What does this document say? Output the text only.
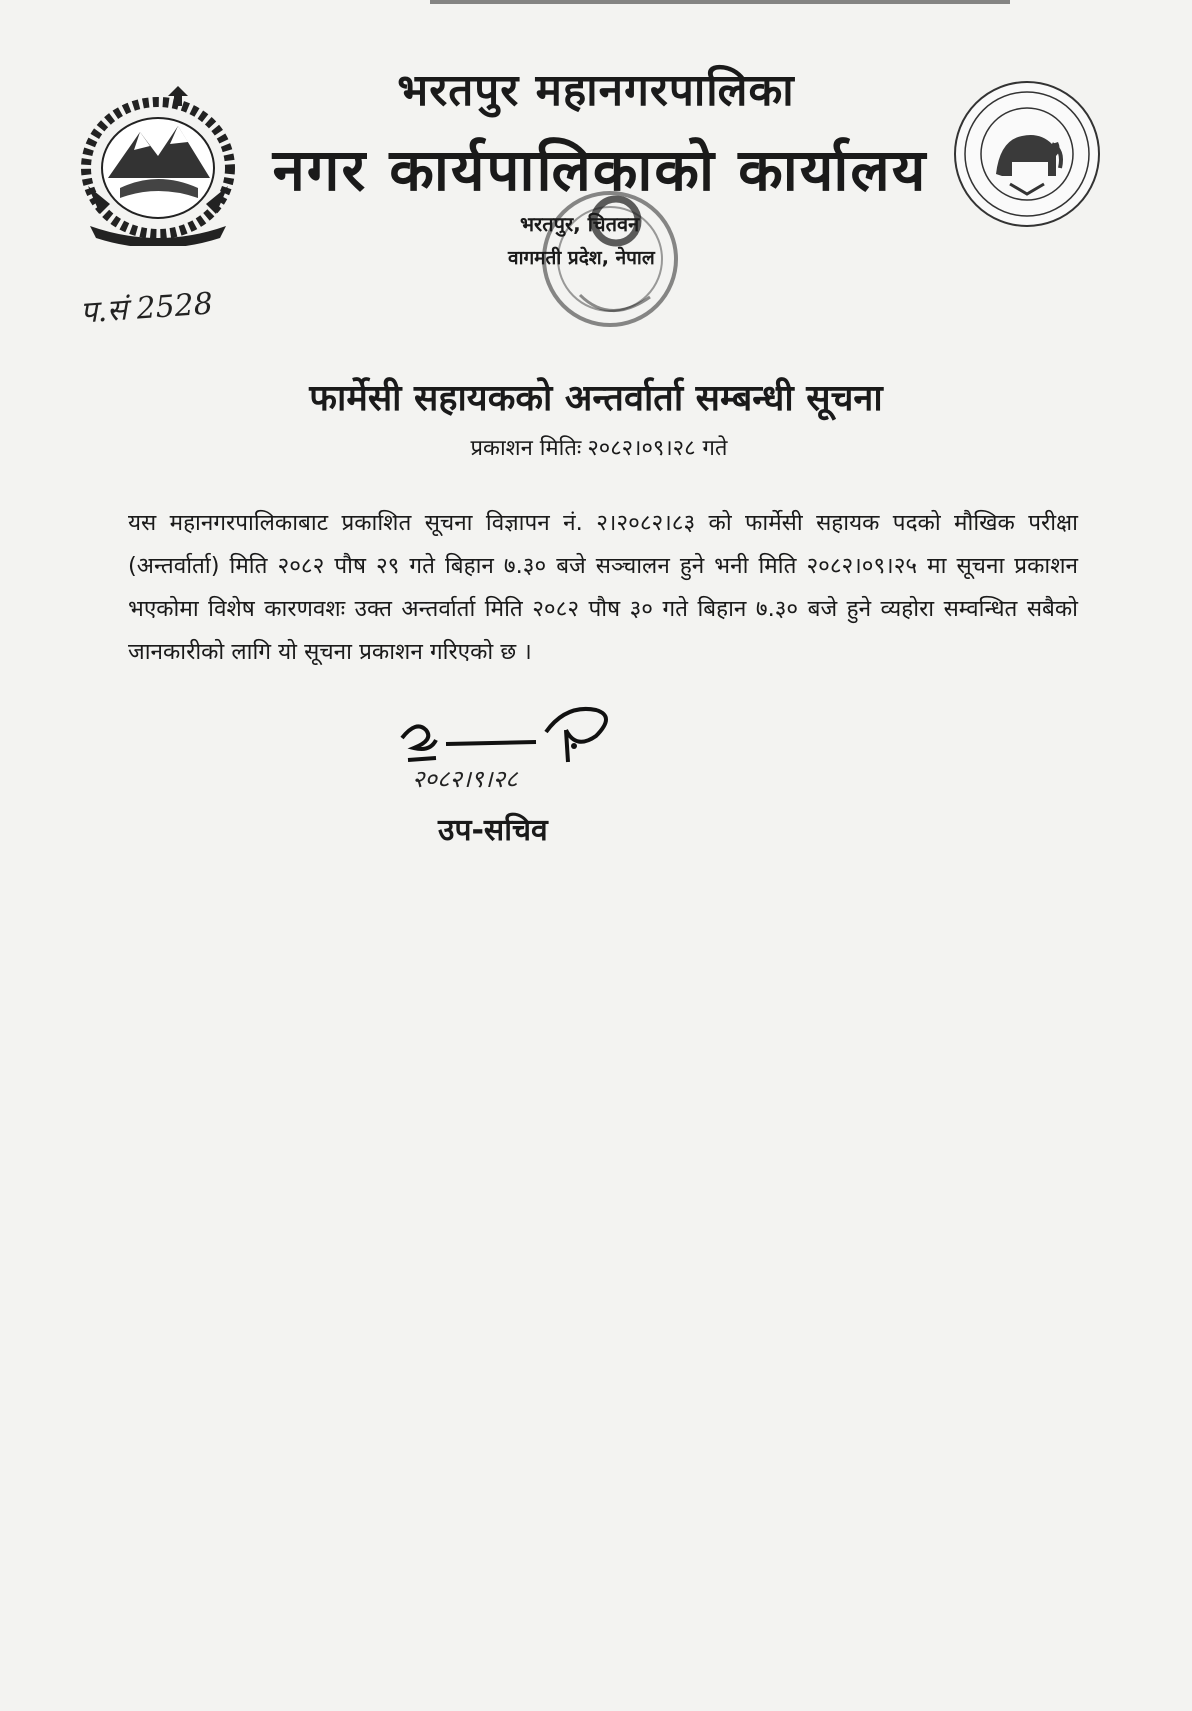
भरतपुर महानगरपालिका
नगर कार्यपालिकाको कार्यालय
भरतपुर, चितवन
वागमती प्रदेश, नेपाल
प.सं 2528
फार्मेसी सहायकको अन्तर्वार्ता सम्बन्धी सूचना
प्रकाशन मितिः २०८२।०९।२८ गते
यस महानगरपालिकाबाट प्रकाशित सूचना विज्ञापन नं. २।२०८२।८३ को फार्मेसी सहायक पदको मौखिक परीक्षा (अन्तर्वार्ता) मिति २०८२ पौष २९ गते बिहान ७.३० बजे सञ्चालन हुने भनी मिति २०८२।०९।२५ मा सूचना प्रकाशन भएकोमा विशेष कारणवशः उक्त अन्तर्वार्ता मिति २०८२ पौष ३० गते बिहान ७.३० बजे हुने व्यहोरा सम्वन्धित सबैको जानकारीको लागि यो सूचना प्रकाशन गरिएको छ ।
२०८२।९।२८
उप-सचिव
